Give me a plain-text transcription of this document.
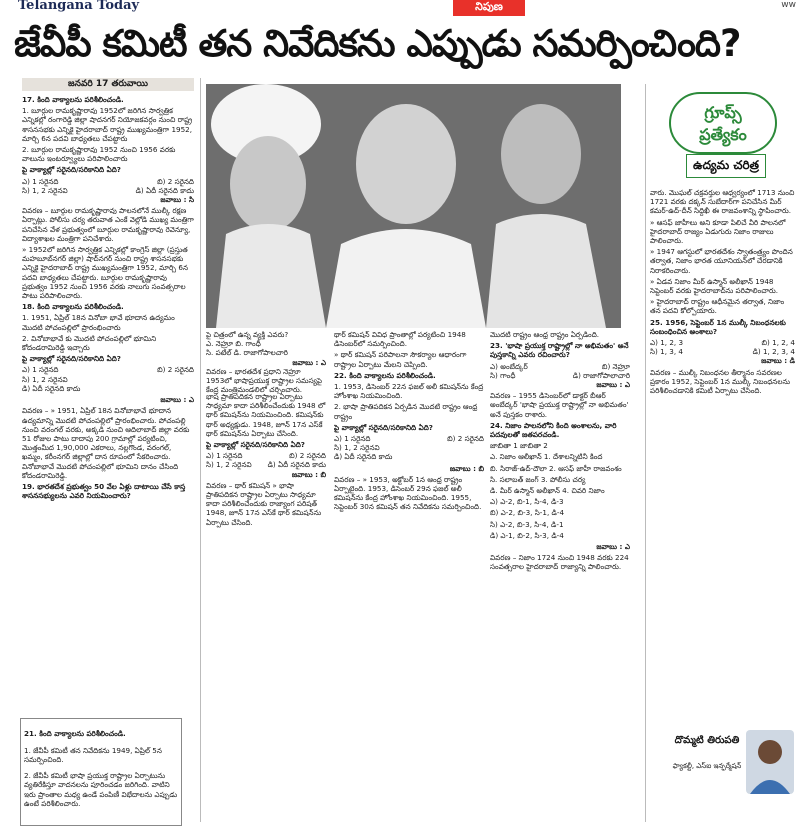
Telangana Today	నిపుణ	ww
జేవీపీ కమిటీ తన నివేదికను ఎప్పుడు సమర్పించింది?
జనవరి 17 తరువాయి

17. కింది వాక్యాలను పరిశీలించండి.

1. బూర్గుల రామకృష్ణారావు 1952లో జరిగిన సార్వత్రిక ఎన్నికల్లో రంగారెడ్డి జిల్లా షాదనగర్ నియోజకవర్గం నుంచి రాష్ట్ర శాసనసభకు ఎన్నికై హైదరాబాద్ రాష్ట్ర ముఖ్యమంత్రిగా 1952, మార్చి 6న పదవి బాధ్యతలు చేపట్టారు

2. బూర్గుల రామకృష్ణారావు 1952 నుంచి 1956 వరకు వాలును ఇంటర్వ్యూలు పరిపాలించారు

పై వాక్యాల్లో సరైనది/సరికానిది ఏది?

ఎ) 1 సరైనది	బి) 2 సరైనది
సి) 1, 2 సరైనవి	డి) ఏదీ సరైనది కాదు

జవాబు : సి

వివరణ – బూర్గుల రామకృష్ణారావు పాలనలోనే ముల్కీ రక్షణ ఏర్పాట్లు. పోలీసు చర్య తరువాత ఎంకే వెల్లోడి ముఖ్య మంత్రిగా పనిచేసిన వేళ ప్రభుత్వంలో బూర్గుల రామకృష్ణారావు రెవెన్యూ, విద్యాశాఖల మంత్రిగా పనిచేశారు.

» 1952లో జరిగిన సార్వత్రిక ఎన్నికల్లో కాంగ్రెస్ జిల్లా (ప్రస్తుత మహబూబ్‌నగర్ జిల్లా) షాద్‌నగర్ నుంచి రాష్ట్ర శాసనసభకు ఎన్నికై హైదరాబాద్ రాష్ట్ర ముఖ్యమంత్రిగా 1952, మార్చి 6న పదవి బాధ్యతలు చేపట్టారు. బూర్గుల రామకృష్ణారావు ప్రభుత్వం 1952 నుంచి 1956 వరకు నాలుగు సంవత్సరాల పాటు పరిపాలించారు.

18. కింది వాక్యాలను పరిశీలించండి.

1. 1951, ఏప్రిల్ 18న వినోబా భావే భూదాన ఉద్యమం మొదటి పోచంపల్లిలో ప్రారంభించారు

2. వినోబాభావే కు మొదటి పోచంపల్లిలో భూమిని కోదండరామిరెడ్డి ఇచ్చారు

పై వాక్యాల్లో సరైనది/సరికానిది ఏది?

ఎ) 1 సరైనది	బి) 2 సరైనది
సి) 1, 2 సరైనవి

డి) ఏదీ సరైనది కాదు

జవాబు : ఎ

వివరణ – » 1951, ఏప్రిల్ 18న వినోబాభావే భూదాన ఉద్యమాన్ని మొదటి పోచంపల్లిలో ప్రారంభించారు. పోచంపల్లి నుంచి వరంగల్ వరకు, అక్కడి నుంచి ఆదిలాబాద్ జిల్లా వరకు 51 రోజుల పాటు దాదాపు 200 గ్రామాల్లో పర్యటించి, మొత్తంమీద 1,90,000 ఎకరాలు, నల్లగొండ, వరంగల్, ఖమ్మం, కరీంనగర్ జిల్లాల్లో దాన రూపంలో సేకరించారు. వినోబాభావే మొదటి పోచంపల్లిలో భూమిని దానం చేసింది కోదండరామిరెడ్డి.

19. భారతదేశ ప్రభుత్వం 50 వేల ఏళ్లు దాటాయి చేసే కాస్త శాసనసభ్యులను ఎవరి నియమించారు?

21. కింది వాక్యాలను పరిశీలించండి.

1. జేవీపీ కమిటీ తన నివేదికను 1949, ఏప్రిల్ 5న సమర్పించింది.

2. జేవీపీ కమిటీ భాషా ప్రయుక్త రాష్ట్రాల ఏర్పాటును వ్యతిరేకిస్తూ వాదనలను పూరించడం జరిగింది. వాటిని ఇరు ప్రాంతాల మధ్య ఉండే పంపిణీ విభేదాలను ఎప్పుడు ఉంటే పరిశీలించారు.

పై చిత్రంలో ఉన్న వ్యక్తి ఎవరు?
ఎ. నెహ్రూ బి. గాంధీ
సి. పటేల్ డి. రాజాగోపాలచారి
జవాబు : ఎ
వివరణ – భారతదేశ ప్రధాని నెహ్రూ 1953లో భాషాప్రయుక్త రాష్ట్రాల సమస్యపై కేంద్ర మంత్రిమండలిలో చర్చించారు.

భాష ప్రాతిపదికన రాష్ట్రాల ఏర్పాటు సాధ్యమా కాదా పరిశీలించేందుకు 1948 లో థార్ కమిషన్‌ను నియమించింది. కమిషన్‌కు థార్ అధ్యక్షుడు. 1948, జూన్ 17న ఎస్‌కే థార్ కమిషన్‌ను ఏర్పాటు చేసింది.

పై వాక్యాల్లో సరైనది/సరికానిది ఏది?

ఎ) 1 సరైనది	బి) 2 సరైనది
సి) 1, 2 సరైనవి డి) ఏదీ సరైనది కాదు

జవాబు : బి

వివరణ – థార్ కమిషన్ » భాషా ప్రాతిపదికన రాష్ట్రాల ఏర్పాటు సాధ్యమా కాదా పరిశీలించేందుకు రాజ్యాంగ పరిషత్ 1948, జూన్ 17న ఎస్‌కే థార్ కమిషన్‌ను ఏర్పాటు చేసింది.

థార్ కమిషన్ వివిధ ప్రాంతాల్లో పర్యటించి 1948 డిసెంబర్‌లో సమర్పించింది.

» థార్ కమిషన్ పరిపాలనా సౌకర్యాల ఆధారంగా రాష్ట్రాల ఏర్పాటు మేలని చెప్పింది.

22. కింది వాక్యాలను పరిశీలించండి.

1. 1953, డిసెంబర్ 22న ఫజల్ అలీ కమిషన్‌ను కేంద్ర హోంశాఖ నియమించింది.

2. భాషా ప్రాతిపదికన ఏర్పడిన మొదటి రాష్ట్రం ఆంధ్ర రాష్ట్రం

పై వాక్యాల్లో సరైనది/సరికానిది ఏది?

ఎ) 1 సరైనది	బి) 2 సరైనది
సి) 1, 2 సరైనవి

డి) ఏదీ సరైనది కాదు

జవాబు : బి

వివరణ – » 1953, అక్టోబర్ 1న ఆంధ్ర రాష్ట్రం ఏర్పాటైంది. 1953, డిసెంబర్ 29న ఫజల్ అలీ కమిషన్‌ను కేంద్ర హోంశాఖ నియమించింది. 1955, సెప్టెంబర్ 30న కమిషన్ తన నివేదికను సమర్పించింది.

మొదటి రాష్ట్రం ఆంధ్ర రాష్ట్రం ఏర్పడింది.

23. 'భాషా ప్రయుక్త రాష్ట్రాల్లో నా అభిమతం' అనే పుస్తకాన్ని ఎవరు రచించారు?

ఎ) అంబేద్కర్	బి) నెహ్రూ
సి) గాంధీ	డి) రాజాగోపాలాచారి

జవాబు : ఎ

వివరణ – 1955 డిసెంబర్‌లో డాక్టర్ బీఆర్ అంబేద్కర్ 'భాషా ప్రయుక్త రాష్ట్రాల్లో నా అభిమతం' అనే పుస్తకం రాశారు.

24. నిజాం పాలనలోని కింది అంశాలను, వారి పదవులతో జతపరచండి.

జాబితా 1 జాబితా 2

ఎ. నిజాం ఆలీఖాన్ 1. దేశాలన్నిటినీ కింద

బి. సిరాజ్-ఉద్-దౌలా 2. ఆసఫ్ జాహీ రాజవంశం

సి. సలాబత్ జంగ్ 3. పోలీసు చర్య

డి. మీర్ ఉస్మాన్ అలీఖాన్ 4. చివరి నిజాం

ఎ) ఎ-2, బి-1, సి-4, డి-3

బి) ఎ-2, బి-3, సి-1, డి-4

సి) ఎ-2, బి-3, సి-4, డి-1

డి) ఎ-1, బి-2, సి-3, డి-4

జవాబు : ఎ

వివరణ – నిజాం 1724 నుంచి 1948 వరకు 224 సంవత్సరాల హైదరాబాద్ రాజ్యాన్ని పాలించారు.

గ్రూప్స్
ప్రత్యేకం
ఉద్యమ చరిత్ర

వారు. మొఘల్ చక్రవర్తుల ఆధ్వర్యంలో 1713 నుంచి 1721 వరకు దక్కన్ సుబేదార్‌గా పనిచేసిన మీర్ కమర్-ఉద్-దీన్ సిద్దిఖీ ఈ రాజవంశాన్ని స్థాపించారు.

» ఆసఫ్ జాహీలు అని కూడా పిలిచే వీరి పాలనలో హైదరాబాద్ రాజ్యం ఏడుగురు నిజాం రాజులు పాలించారు.

» 1947 ఆగస్టులో భారతదేశం స్వాతంత్ర్యం పొందిన తర్వాత, నిజాం భారత యూనియన్‌లో చేరడానికి నిరాకరించారు.

» ఏడవ నిజాం మీర్ ఉస్మాన్ అలీఖాన్ 1948 సెప్టెంబర్ వరకు హైదరాబాద్‌ను పరిపాలించారు.

» హైదరాబాద్ రాష్ట్రం ఆధీనమైన తర్వాత, నిజాం తన పదవి కోల్పోయారు.

25. 1956, సెప్టెంబర్ 1న ముల్కీ నిబంధనలకు సంబంధించిన అంశాలు?

ఎ) 1, 2, 3	బి) 1, 2, 4
సి) 1, 3, 4	డి) 1, 2, 3, 4

జవాబు : డి

వివరణ – ముల్కీ నిబంధనల తీర్మానం సవరణల ప్రకారం 1952, సెప్టెంబర్ 1న ముల్కీ నిబంధనలను పరిశీలించడానికి కమిటీ ఏర్పాటు చేసింది.

దొమ్మటి తిరుపతి
ఫ్యాకల్టీ, ఎస్‌ఐ ఇన్ఫర్మేషన్
